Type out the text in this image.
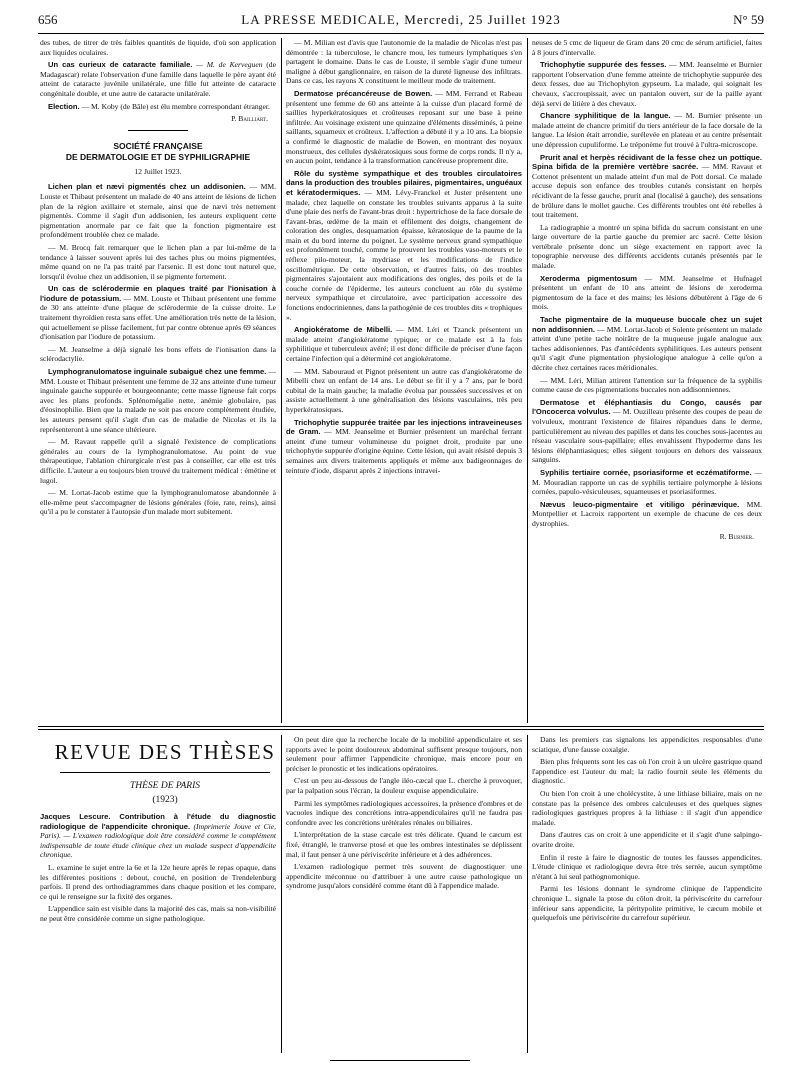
656	LA PRESSE MEDICALE, Mercredi, 25 Juillet 1923	N° 59

des tubes, de titrer de très faibles quantités de liquide, d'où son application aux liquides oculaires.

Un cas curieux de cataracte familiale. — M. de Kerveguen (de Madagascar) relate l'observation d'une famille dans laquelle le père ayant été atteint de cataracte juvénile unilatérale, une fille fut atteinte de cataracte congénitale double, et une autre de cataracte unilatérale.

Election. — M. Koby (de Bâle) est élu membre correspondant étranger.

P. Bailliart.
SOCIÉTÉ FRANÇAISE
DE DERMATOLOGIE ET DE SYPHILIGRAPHIE
12 Juillet 1923.

Lichen plan et nævi pigmentés chez un addisonien. — MM. Louste et Thibaut présentent un malade de 40 ans atteint de lésions de lichen plan de la région axillaire et sternale, ainsi que de nævi très nettement pigmentés. Comme il s'agit d'un addisonien, les auteurs expliquent cette pigmentation anormale par ce fait que la fonction pigmentaire est profondément troublée chez ce malade.

— M. Brocq fait remarquer que le lichen plan a par lui-même de la tendance à laisser souvent après lui des taches plus ou moins pigmentées, même quand on ne l'a pas traité par l'arsenic. Il est donc tout naturel que, lorsqu'il évolue chez un addisonien, il se pigmente fortement.

Un cas de sclérodermie en plaques traité par l'ionisation à l'iodure de potassium. — MM. Louste et Thibaut présentent une femme de 30 ans atteinte d'une plaque de sclérodermie de la cuisse droite. Le traitement thyroïdien resta sans effet. Une amélioration très nette de la lésion, qui actuellement se plisse facilement, fut par contre obtenue après 69 séances d'ionisation par l'iodure de potassium.

— M. Jeanselme a déjà signalé les bons effets de l'ionisation dans la sclérodactylie.

Lymphogranulomatose inguinale subaiguë chez une femme. — MM. Louste et Thibaut présentent une femme de 32 ans atteinte d'une tumeur inguinale gauche suppurée et bourgeonnante; cette masse ligneuse fait corps avec les plans profonds. Splénomégalie nette, anémie globulaire, pas d'éosinophilie. Bien que la malade ne soit pas encore complètement étudiée, les auteurs pensent qu'il s'agit d'un cas de maladie de Nicolas et ils la représenteront à une séance ultérieure.

— M. Ravaut rappelle qu'il a signalé l'existence de complications générales au cours de la lymphogranulomatose. Au point de vue thérapeutique, l'ablation chirurgicale n'est pas à conseiller, car elle est très difficile. L'auteur a eu toujours bien trouvé du traitement médical : émétine et lugol.

— M. Lortat-Jacob estime que la lymphogranulomatose abandonnée à elle-même peut s'accompagner de lésions générales (foie, rate, reins), ainsi qu'il a pu le constater à l'autopsie d'un malade mort subitement.

— M. Milian est d'avis que l'autonomie de la maladie de Nicolas n'est pas démontrée : la tuberculose, le chancre mou, les tumeurs lymphatiques s'en partagent le domaine. Dans le cas de Louste, il semble s'agir d'une tumeur maligne à début ganglionnaire, en raison de la dureté ligneuse des infiltrats. Dans ce cas, les rayons X constituent le meilleur mode de traitement.

Dermatose précancéreuse de Bowen. — MM. Ferrand et Rabeau présentent une femme de 60 ans atteinte à la cuisse d'un placard formé de saillies hyperkératosiques et croûteuses reposant sur une base à peine infiltrée. Au voisinage existent une quinzaine d'éléments disséminés, à peine saillants, squameux et croûteux. L'affection a débuté il y a 10 ans. La biopsie a confirmé le diagnostic de maladie de Bowen, en montrant des noyaux monstrueux, des cellules dyskératosiques sous forme de corps ronds. Il n'y a, en aucun point, tendance à la transformation cancéreuse proprement dite.

Rôle du système sympathique et des troubles circulatoires dans la production des troubles pilaires, pigmentaires, unguéaux et kératodermiques. — MM. Lévy-Franckel et Juster présentent une malade, chez laquelle on constate les troubles suivants apparus à la suite d'une plaie des nerfs de l'avant-bras droit : hypertrichose de la face dorsale de l'avant-bras, œdème de la main et effilement des doigts, changement de coloration des ongles, desquamation épaisse, kératosique de la paume de la main et du bord interne du poignet. Le système nerveux grand sympathique est profondément touché, comme le prouvent les troubles vaso-moteurs et le réflexe pilo-moteur, la mydriase et les modifications de l'indice oscillométrique. De cette observation, et d'autres faits, où des troubles pigmentaires s'ajoutaient aux modifications des ongles, des poils et de la couche cornée de l'épiderme, les auteurs concluent au rôle du système nerveux sympathique et circulatoire, avec participation accessoire des fonctions endocriniennes, dans la pathogénie de ces troubles dits « trophiques ».

Angiokératome de Mibelli. — MM. Léri et Tzanck présentent un malade atteint d'angiokératome typique; or ce malade est à la fois syphilitique et tuberculeux avéré; il est donc difficile de préciser d'une façon certaine l'infection qui a déterminé cet angiokératome.

— MM. Sabouraud et Pignot présentent un autre cas d'angiokératome de Mibelli chez un enfant de 14 ans. Le début se fit il y a 7 ans, par le bord cubital de la main gauche; la maladie évolua par poussées successives et on assiste actuellement à une généralisation des lésions vasculaires, très peu hyperkératosiques.

Trichophytie suppurée traitée par les injections intraveineuses de Gram. — MM. Jeanselme et Burnier présentent un maréchal ferrant atteint d'une tumeur volumineuse du poignet droit, produite par une trichophytie suppurée d'origine équine. Cette lésion, qui avait résisté depuis 3 semaines aux divers traitements appliqués et même aux badigeonnages de teinture d'iode, disparut après 2 injections intravei-

neuses de 5 cmc de liqueur de Gram dans 20 cmc de sérum artificiel, faites à 8 jours d'intervalle.

Trichophytie suppurée des fesses. — MM. Jeanselme et Burnier rapportent l'observation d'une femme atteinte de trichophytie suppurée des deux fesses, due au Trichophyton gypseum. La malade, qui soignait les chevaux, s'accroupissait, avec un pantalon ouvert, sur de la paille ayant déjà servi de litière à des chevaux.

Chancre syphilitique de la langue. — M. Burnier présente un malade atteint de chancre primitif du tiers antérieur de la face dorsale de la langue. La lésion était arrondie, surélevée en plateau et au centre présentait une dépression cupuliforme. Le tréponème fut trouvé à l'ultra-microscope.

Prurit anal et herpès récidivant de la fesse chez un pottique. Spina bifida de la première vertèbre sacrée. — MM. Ravaut et Cottenot présentent un malade atteint d'un mal de Pott dorsal. Ce malade accuse depuis son enfance des troubles cutanés consistant en herpès récidivant de la fesse gauche, prurit anal (localisé à gauche), des sensations de brûlure dans le mollet gauche. Ces différents troubles ont été rebelles à tout traitement.

La radiographie a montré un spina bifida du sacrum consistant en une large ouverture de la partie gauche du premier arc sacré. Cette lésion vertébrale présente donc un siège exactement en rapport avec la topographie nerveuse des différents accidents cutanés présentés par le malade.

Xeroderma pigmentosum — MM. Jeanselme et Hufnagel présentent un enfant de 10 ans atteint de lésions de xeroderma pigmentosum de la face et des mains; les lésions débutèrent à l'âge de 6 mois.

Tache pigmentaire de la muqueuse buccale chez un sujet non addisonnien. — MM. Lortat-Jacob et Solente présentent un malade atteint d'une petite tache noirâtre de la muqueuse jugale analogue aux taches addisoniennes. Pas d'antécédents syphilitiques. Les auteurs pensent qu'il s'agit d'une pigmentation physiologique analogue à celle qu'on a décrite chez certaines races méridionales.

— MM. Léri, Milian attirent l'attention sur la fréquence de la syphilis comme cause de ces pigmentations buccales non addisonniennes.

Dermatose et éléphantiasis du Congo, causés par l'Oncocerca volvulus. — M. Ouzilleau présente des coupes de peau de volvuleux, montrant l'existence de filaires répandues dans le derme, particulièrement au niveau des papilles et dans les couches sous-jacentes au réseau vasculaire sous-papillaire; elles envahissent l'hypoderme dans les lésions éléphantiasiques; elles siègent toujours en dehors des vaisseaux sanguins.

Syphilis tertiaire cornée, psoriasiforme et eczématiforme. — M. Mouradian rapporte un cas de syphilis tertiaire polymorphe à lésions cornées, papulo-vésiculeuses, squameuses et psoriasiformes.

Nævus leuco-pigmentaire et vitiligo périnævique. MM. Montpellier et Lacroix rapportent un exemple de chacune de ces deux dystrophies.

R. Burnier.
REVUE DES THÈSES
THÈSE DE PARIS
(1923)

Jacques Lescure. Contribution à l'étude du diagnostic radiologique de l'appendicite chronique. (Imprimerie Jouve et Cie, Paris). — L'examen radiologique doit être considéré comme le complément indispensable de toute étude clinique chez un malade suspect d'appendicite chronique.

L. examine le sujet entre la 6e et la 12e heure après le repas opaque, dans les différentes positions : debout, couché, en position de Trendelenburg parfois. Il prend des orthodiagrammes dans chaque position et les compare, ce qui le renseigne sur la fixité des organes.

L'appendice sain est visible dans la majorité des cas, mais sa non-visibilité ne peut être considérée comme un signe pathologique.

On peut dire que la recherche locale de la mobilité appendiculaire et ses rapports avec le point douloureux abdominal suffisent presque toujours, non seulement pour affirmer l'appendicite chronique, mais encore pour en préciser le pronostic et les indications opératoires.

C'est un peu au-dessous de l'angle iléo-cæcal que L. cherche à provoquer, par la palpation sous l'écran, la douleur exquise appendiculaire.

Parmi les symptômes radiologiques accessoires, la présence d'ombres et de vacuoles indique des concrétions intra-appendiculaires qu'il ne faudra pas confondre avec les concrétions urétérales rénales ou biliaires.

L'interprétation de la stase cæcale est très délicate. Quand le cæcum est fixé, étranglé, le tranverse ptosé et que les ombres intestinales se déplissent mal, il faut penser à une périviscérite inférieure et à des adhérences.

L'examen radiologique permet très souvent de diagnostiquer une appendicite méconnue ou d'attribuer à une autre cause pathologique un syndrome jusqu'alors considéré comme étant dû à l'appendice malade.

Dans les premiers cas signalons les appendicites responsables d'une sciatique, d'une fausse coxalgie.

Bien plus fréquents sont les cas où l'on croit à un ulcère gastrique quand l'appendice est l'auteur du mal; la radio fournit seule les éléments du diagnostic.

Ou bien l'on croit à une cholécystite, à une lithiase biliaire, mais on ne constate pas la présence des ombres calculeuses et des quelques signes radiologiques gastriques propres à la lithiase : il s'agit d'un appendice malade.

Dans d'autres cas on croit à une appendicite et il s'agit d'une salpingo-ovarite droite.

Enfin il reste à faire le diagnostic de toutes les fausses appendicites. L'étude clinique et radiologique devra être très serrée, aucun symptôme n'étant à lui seul pathognomonique.

Parmi les lésions donnant le syndrome clinique de l'appendicite chronique L. signale la ptose du côlon droit, la périviscérite du carrefour inférieur sans appendicite, la péritypolite primitive, le cæcum mobile et quelquefois une périviscérite du carrefour supérieur.
